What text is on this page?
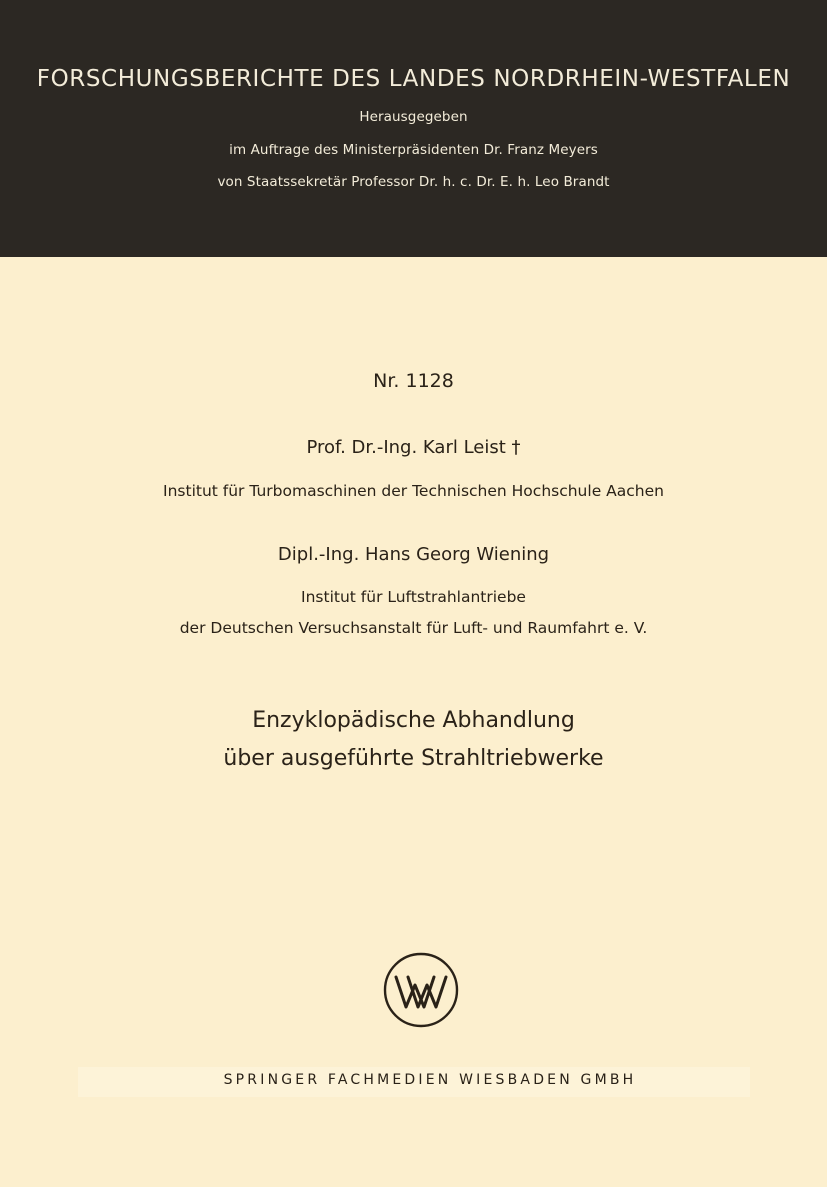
FORSCHUNGSBERICHTE DES LANDES NORDRHEIN-WESTFALEN
Herausgegeben
im Auftrage des Ministerpräsidenten Dr. Franz Meyers
von Staatssekretär Professor Dr. h. c. Dr. E. h. Leo Brandt
Nr. 1128
Prof. Dr.-Ing. Karl Leist †
Institut für Turbomaschinen der Technischen Hochschule Aachen
Dipl.-Ing. Hans Georg Wiening
Institut für Luftstrahlantriebe
der Deutschen Versuchsanstalt für Luft- und Raumfahrt e. V.
Enzyklopädische Abhandlung
über ausgeführte Strahltriebwerke
SPRINGER FACHMEDIEN WIESBADEN GMBH
